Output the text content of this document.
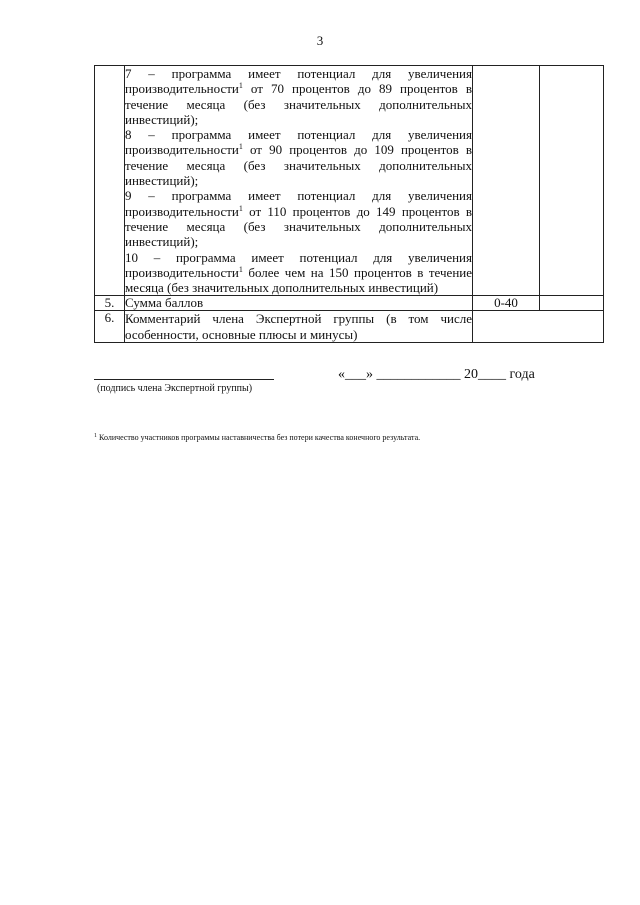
3

	7 – программа имеет потенциал для увеличения производительности$^1$ от 70 процентов до 89 процентов в течение месяца (без значительных дополнительных инвестиций);

8 – программа имеет потенциал для увеличения производительности$^1$ от 90 процентов до 109 процентов в течение месяца (без значительных дополнительных инвестиций);

9 – программа имеет потенциал для увеличения производительности$^1$ от 110 процентов до 149 процентов в течение месяца (без значительных дополнительных инвестиций);

10 – программа имеет потенциал для увеличения производительности$^1$ более чем на 150 процентов в течение месяца (без значительных дополнительных инвестиций)		

5.	Сумма баллов	0-40	
6.	Комментарий члена Экспертной группы (в том числе особенности, основные плюсы и минусы)		

(подпись члена Экспертной группы)
«___» ____________ 20____ года
$^1$ Количество участников программы наставничества без потери качества конечного результата.
